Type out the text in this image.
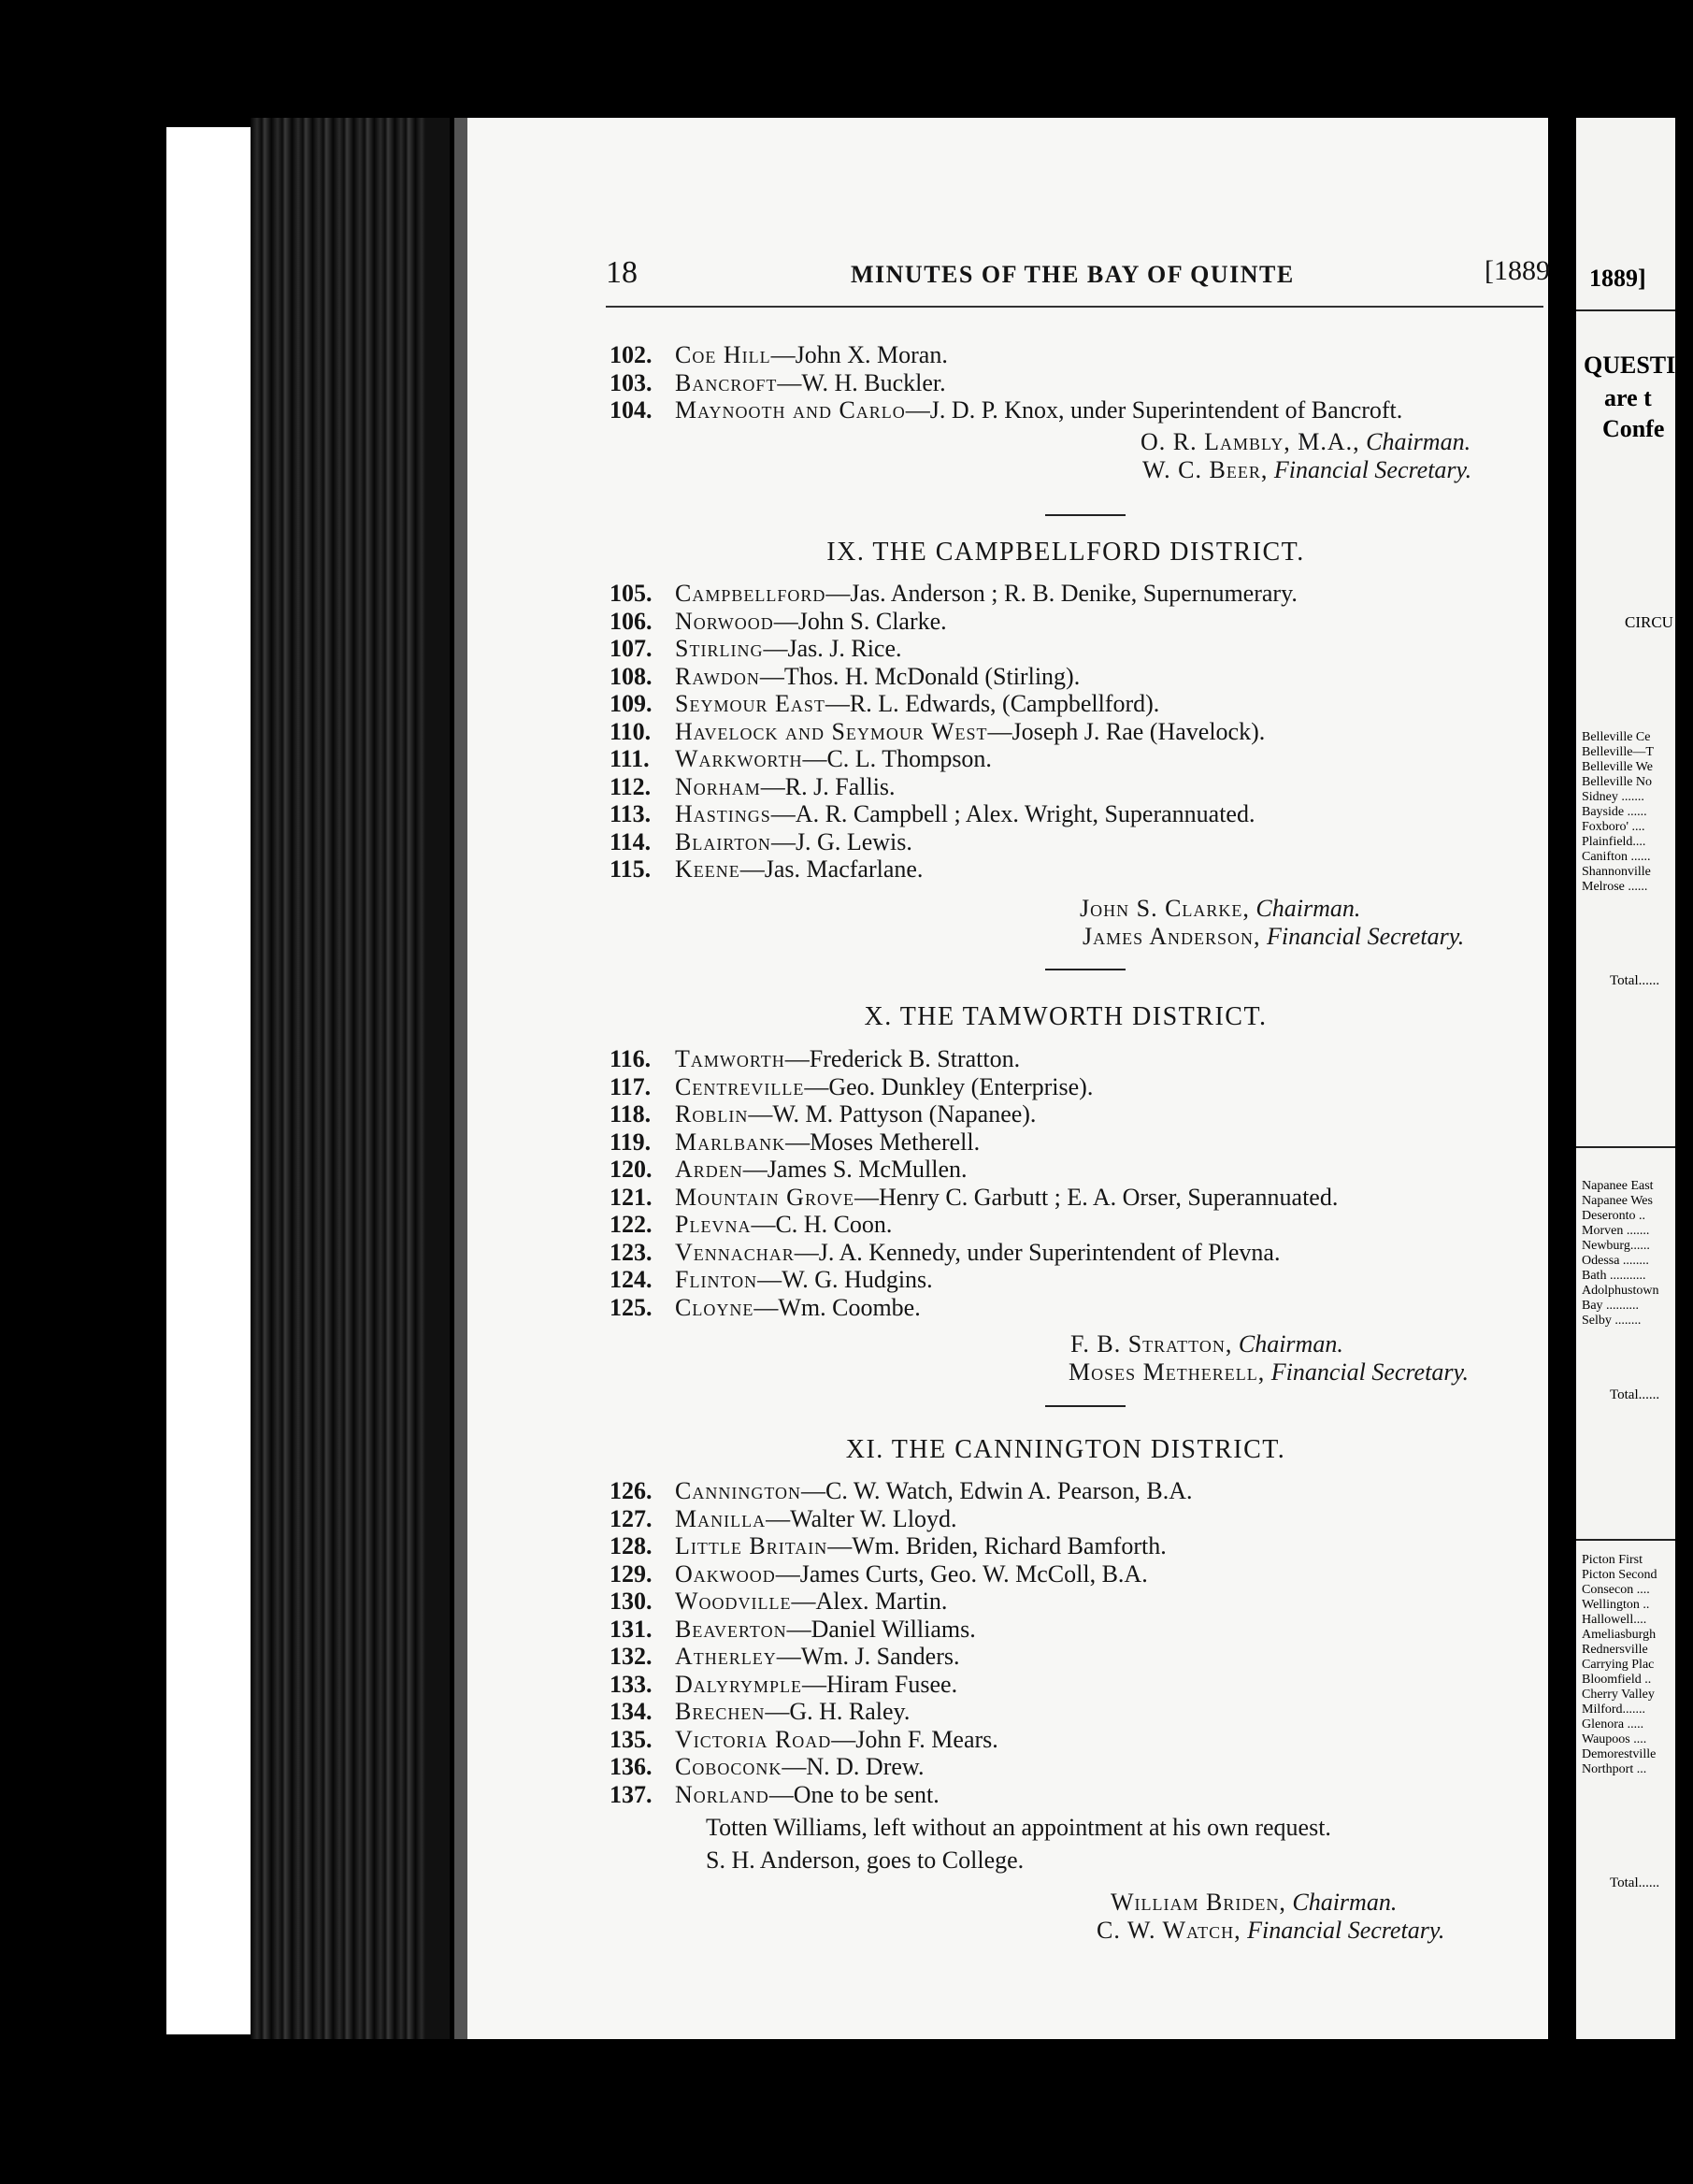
18	MINUTES OF THE BAY OF QUINTE	[1889
102. Coe Hill—John X. Moran.
103. Bancroft—W. H. Buckler.
104. Maynooth and Carlo—J. D. P. Knox, under Superintendent of Bancroft.
O. R. Lambly, M.A., Chairman.
W. C. Beer, Financial Secretary.
IX. THE CAMPBELLFORD DISTRICT.
105. Campbellford—Jas. Anderson ; R. B. Denike, Supernumerary.
106. Norwood—John S. Clarke.
107. Stirling—Jas. J. Rice.
108. Rawdon—Thos. H. McDonald (Stirling).
109. Seymour East—R. L. Edwards, (Campbellford).
110. Havelock and Seymour West—Joseph J. Rae (Havelock).
111. Warkworth—C. L. Thompson.
112. Norham—R. J. Fallis.
113. Hastings—A. R. Campbell ; Alex. Wright, Superannuated.
114. Blairton—J. G. Lewis.
115. Keene—Jas. Macfarlane.
John S. Clarke, Chairman.
James Anderson, Financial Secretary.
X. THE TAMWORTH DISTRICT.
116. Tamworth—Frederick B. Stratton.
117. Centreville—Geo. Dunkley (Enterprise).
118. Roblin—W. M. Pattyson (Napanee).
119. Marlbank—Moses Metherell.
120. Arden—James S. McMullen.
121. Mountain Grove—Henry C. Garbutt ; E. A. Orser, Superannuated.
122. Plevna—C. H. Coon.
123. Vennachar—J. A. Kennedy, under Superintendent of Plevna.
124. Flinton—W. G. Hudgins.
125. Cloyne—Wm. Coombe.
F. B. Stratton, Chairman.
Moses Metherell, Financial Secretary.
XI. THE CANNINGTON DISTRICT.
126. Cannington—C. W. Watch, Edwin A. Pearson, B.A.
127. Manilla—Walter W. Lloyd.
128. Little Britain—Wm. Briden, Richard Bamforth.
129. Oakwood—James Curts, Geo. W. McColl, B.A.
130. Woodville—Alex. Martin.
131. Beaverton—Daniel Williams.
132. Atherley—Wm. J. Sanders.
133. Dalyrymple—Hiram Fusee.
134. Brechen—G. H. Raley.
135. Victoria Road—John F. Mears.
136. Coboconk—N. D. Drew.
137. Norland—One to be sent.
Totten Williams, left without an appointment at his own request.
S. H. Anderson, goes to College.
William Briden, Chairman.
C. W. Watch, Financial Secretary.
1889]
QUESTIC
are t
Confe
CIRCU
Belleville Ce
Belleville—T
Belleville We
Belleville No
Sidney .......
Bayside ......
Foxboro' ....
Plainfield....
Canifton ......
Shannonville
Melrose ......
Total......
Napanee East
Napanee Wes
Deseronto ..
Morven .......
Newburg......
Odessa ........
Bath ...........
Adolphustown
Bay ..........
Selby ........
Total......
Picton First
Picton Second
Consecon ....
Wellington ..
Hallowell....
Ameliasburgh
Rednersville
Carrying Plac
Bloomfield ..
Cherry Valley
Milford.......
Glenora .....
Waupoos ....
Demorestville
Northport ...
Total......
